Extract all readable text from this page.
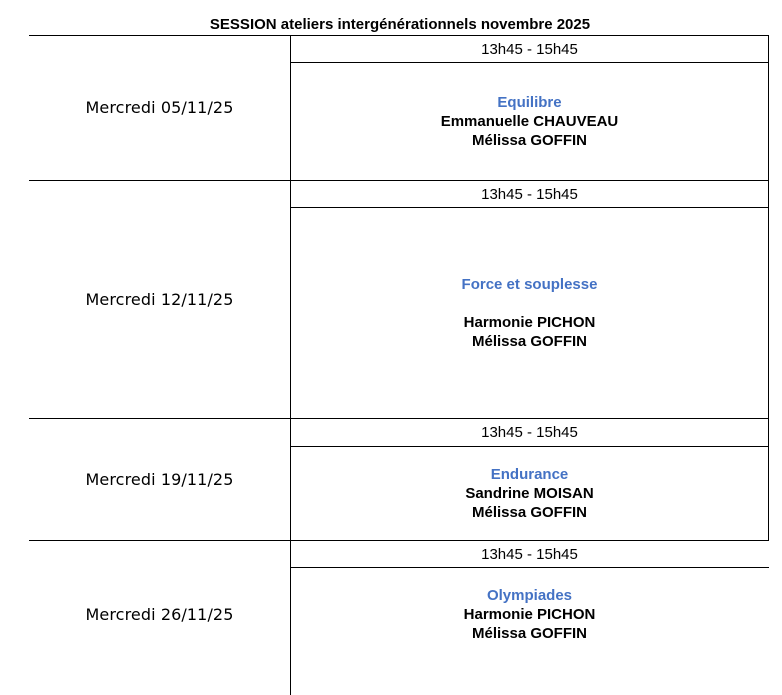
SESSION ateliers intergénérationnels novembre 2025
Mercredi 05/11/25
13h45 - 15h45
Equilibre
Emmanuelle CHAUVEAU
Mélissa GOFFIN
Mercredi 12/11/25
13h45 - 15h45
Force et souplesse
Harmonie PICHON
Mélissa GOFFIN
Mercredi 19/11/25
13h45 - 15h45
Endurance
Sandrine MOISAN
Mélissa GOFFIN
Mercredi 26/11/25
13h45 - 15h45
Olympiades
Harmonie PICHON
Mélissa GOFFIN
